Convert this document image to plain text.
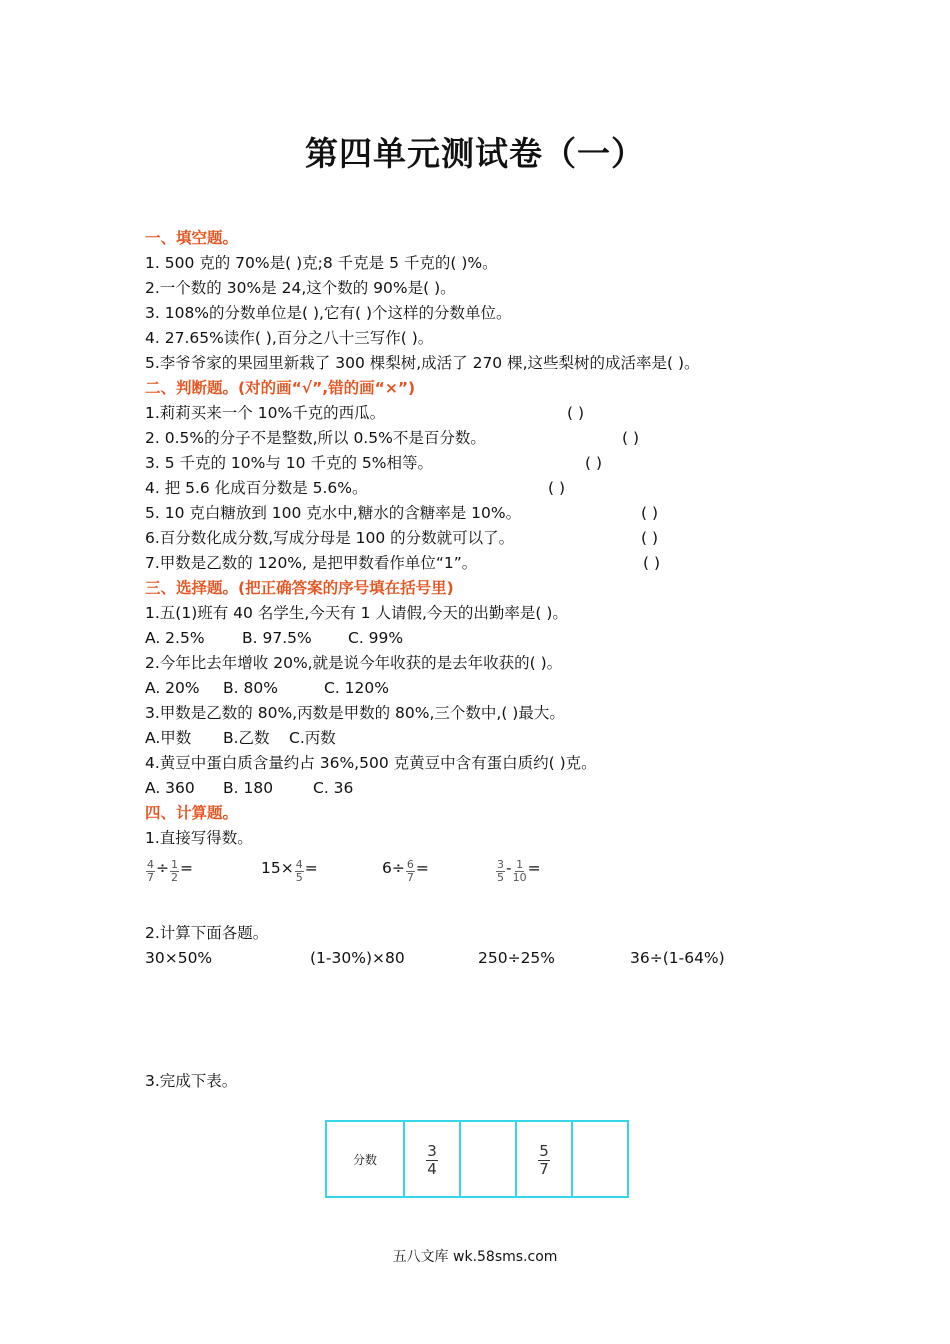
第四单元测试卷（一）
一、填空题。
1. 500 克的 70%是( )克;8 千克是 5 千克的( )%。
2.一个数的 30%是 24,这个数的 90%是( )。
3. 108%的分数单位是( ),它有( )个这样的分数单位。
4. 27.65%读作( ),百分之八十三写作( )。
5.李爷爷家的果园里新栽了 300 棵梨树,成活了 270 棵,这些梨树的成活率是( )。
二、判断题。(对的画“√”,错的画“×”)
1.莉莉买来一个 10%千克的西瓜。	( )
2. 0.5%的分子不是整数,所以 0.5%不是百分数。	( )
3. 5 千克的 10%与 10 千克的 5%相等。	( )
4. 把 5.6 化成百分数是 5.6%。	( )
5. 10 克白糖放到 100 克水中,糖水的含糖率是 10%。	( )
6.百分数化成分数,写成分母是 100 的分数就可以了。	( )
7.甲数是乙数的 120%, 是把甲数看作单位“1”。	( )
三、选择题。(把正确答案的序号填在括号里)
1.五(1)班有 40 名学生,今天有 1 人请假,今天的出勤率是( )。
A. 2.5% B. 97.5% C. 99%
2.今年比去年增收 20%,就是说今年收获的是去年收获的( )。
A. 20% B. 80%	C. 120%
3.甲数是乙数的 80%,丙数是甲数的 80%,三个数中,( )最大。
A.甲数 B.乙数 C.丙数
4.黄豆中蛋白质含量约占 36%,500 克黄豆中含有蛋白质约( )克。
A. 360 B. 180	C. 36
四、计算题。
1.直接写得数。
$\frac{4}{7} \div \frac{1}{2}$ =	$15\times \frac{4}{5}$ =	$6\div \frac{6}{7}$ =	$\frac{3}{5} - \frac{1}{10}$ =
2.计算下面各题。
30×50%	(1-30%)×80	250÷25%	36÷(1-64%)
3.完成下表。
分数	$\frac{3}{4}$		$\frac{5}{7}$

五八文库 wk.58sms.com
